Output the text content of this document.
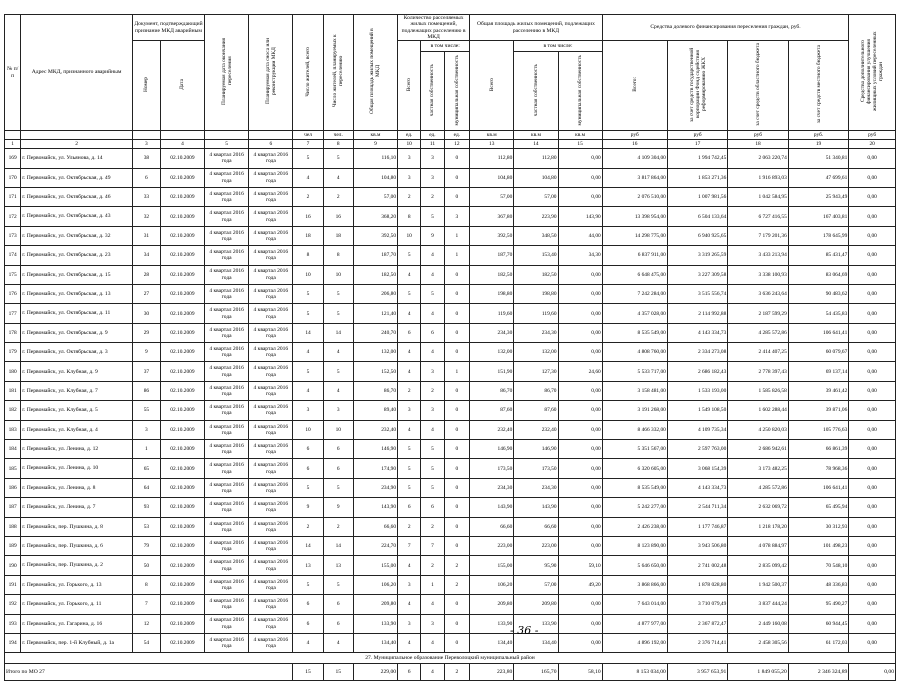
№ п/п	Адрес МКД, признанного аварийным	Документ, подтверждающий признание МКД аварийным		Планируемая дата окончания переселения	Планируемая дата сноса или реконструкции МКД	Число жителей, всего	Число жителей, планируемых к переселению	Общая площадь жилых помещений в МКД	Количество расселяемых жилых помещений, подлежащих расселению в МКД			Общая площадь жилых помещений, подлежащих расселению в МКД			Средства долевого финансирования переселения граждан, руб.				Средства дополнительного финансирования улучшения жилищных условий переселенных граждан
		Номер	Дата						Всего	в том числе:		Всего	в том числе:		Всего:	за счет средств государственной корпорации Фонд содействия реформированию ЖКХ	за счет средств областного бюджета	за счет средств местного бюджета	
										частная собственность	муниципальная собственность		частная собственность	муниципальная собственность					
						чел	чел.	кв.м	ед.	ед.	ед.	кв.м	кв.м	кв.м	руб	руб	руб	руб.	руб
1	2	3	4	5	6	7	8	9	10	11	12	13	14	15	16	17	18	19	20
169	г. Первомайск, ул. Ульянова, д. 14	38	02.10.2009	4 квартал 2016 года	4 квартал 2016 года	5	5	116,10	3	3	0	112,80	112,80	0,00	4 109 304,00	1 994 742,45	2 063 220,74	51 340,81	0,00
170	г. Первомайск, ул. Октябрьская, д. 49	6	02.10.2009	4 квартал 2016 года	4 квартал 2016 года	4	4	104,80	3	3	0	104,80	104,80	0,00	3 817 864,00	1 853 271,36	1 916 893,03	47 699,61	0,00
171	г. Первомайск, ул. Октябрьская, д. 46	33	02.10.2009	4 квартал 2016 года	4 квартал 2016 года	2	2	57,00	2	2	0	57,00	57,00	0,00	2 076 510,00	1 007 981,56	1 042 584,95	25 943,49	0,00
172	г. Первомайск, ул. Октябрьская, д. 43	32	02.10.2009	4 квартал 2016 года	4 квартал 2016 года	16	16	368,20	8	5	3	367,80	223,90	143,90	13 398 954,00	6 504 133,64	6 727 416,55	167 403,81	0,00
173	г. Первомайск, ул. Октябрьская, д. 32	31	02.10.2009	4 квартал 2016 года	4 квартал 2016 года	18	18	392,50	10	9	1	392,50	348,50	44,00	14 298 775,00	6 940 925,65	7 179 201,36	178 645,99	0,00
174	г. Первомайск, ул. Октябрьская, д. 23	34	02.10.2009	4 квартал 2016 года	4 квартал 2016 года	8	8	187,70	5	4	1	187,70	153,40	34,30	6 837 911,00	3 319 265,59	3 433 213,94	85 431,47	0,00
175	г. Первомайск, ул. Октябрьская, д. 15	28	02.10.2009	4 квартал 2016 года	4 квартал 2016 года	10	10	182,50	4	4	0	182,50	182,50	0,00	6 648 475,00	3 227 309,58	3 338 100,93	83 064,69	0,00
176	г. Первомайск, ул. Октябрьская, д. 13	27	02.10.2009	4 квартал 2016 года	4 квартал 2016 года	5	5	206,80	5	5	0	198,80	198,80	0,00	7 242 284,00	3 515 556,74	3 636 243,64	90 483,62	0,00
177	г. Первомайск, ул. Октябрьская, д. 11	30	02.10.2009	4 квартал 2016 года	4 квартал 2016 года	5	5	121,40	4	4	0	119,60	119,60	0,00	4 357 028,00	2 114 992,88	2 187 599,29	54 435,83	0,00
178	г. Первомайск, ул. Октябрьская, д. 9	29	02.10.2009	4 квартал 2016 года	4 квартал 2016 года	14	14	240,70	6	6	0	234,30	234,30	0,00	8 535 549,00	4 143 334,73	4 285 572,86	106 641,41	0,00
179	г. Первомайск, ул. Октябрьская, д. 3	9	02.10.2009	4 квартал 2016 года	4 квартал 2016 года	4	4	132,00	4	4	0	132,00	132,00	0,00	4 808 760,00	2 334 273,08	2 414 407,25	60 079,67	0,00
180	г. Первомайск, ул. Клубная, д. 9	37	02.10.2009	4 квартал 2016 года	4 квартал 2016 года	5	5	152,50	4	3	1	151,90	127,30	24,60	5 533 717,00	2 686 182,43	2 778 397,43	69 137,14	0,00
181	г. Первомайск, ул. Клубная, д. 7	86	02.10.2009	4 квартал 2016 года	4 квартал 2016 года	4	4	86,70	2	2	0	86,70	86,70	0,00	3 158 481,00	1 533 193,00	1 585 826,58	39 461,42	0,00
182	г. Первомайск, ул. Клубная, д. 5	55	02.10.2009	4 квартал 2016 года	4 квартал 2016 года	3	3	89,40	3	3	0	87,60	87,60	0,00	3 191 268,00	1 549 108,50	1 602 288,44	39 871,06	0,00
183	г. Первомайск, ул. Клубная, д. 4	3	02.10.2009	4 квартал 2016 года	4 квартал 2016 года	10	10	232,40	4	4	0	232,40	232,40	0,00	8 466 332,00	4 109 735,34	4 250 820,03	105 776,63	0,00
184	г. Первомайск, ул. Ленина, д. 12	1	02.10.2009	4 квартал 2016 года	4 квартал 2016 года	6	6	146,90	5	5	0	146,90	146,90	0,00	5 351 567,00	2 597 763,00	2 686 942,61	66 861,39	0,00
185	г. Первомайск, ул. Ленина, д. 10	65	02.10.2009	4 квартал 2016 года	4 квартал 2016 года	6	6	174,90	5	5	0	173,50	173,50	0,00	6 320 605,00	3 068 154,39	3 173 482,25	78 968,36	0,00
186	г. Первомайск, ул. Ленина, д. 8	64	02.10.2009	4 квартал 2016 года	4 квартал 2016 года	5	5	234,90	5	5	0	234,30	234,30	0,00	8 535 549,00	4 143 334,73	4 285 572,86	106 641,41	0,00
187	г. Первомайск, ул. Ленина, д. 7	93	02.10.2009	4 квартал 2016 года	4 квартал 2016 года	9	9	143,90	6	6	0	143,90	143,90	0,00	5 242 277,00	2 544 711,34	2 632 069,72	65 495,94	0,00
188	г. Первомайск, пер. Пушкина, д. 8	53	02.10.2009	4 квартал 2016 года	4 квартал 2016 года	2	2	66,60	2	2	0	66,60	66,60	0,00	2 426 238,00	1 177 746,87	1 218 178,20	30 312,93	0,00
189	г. Первомайск, пер. Пушкина, д. 6	79	02.10.2009	4 квартал 2016 года	4 квартал 2016 года	14	14	224,70	7	7	0	223,00	223,00	0,00	8 123 890,00	3 943 506,80	4 078 884,97	101 498,23	0,00
190	г. Первомайск, пер. Пушкина, д. 2	50	02.10.2009	4 квартал 2016 года	4 квартал 2016 года	13	13	155,00	4	2	2	155,00	95,90	59,10	5 646 650,00	2 741 002,48	2 835 099,42	70 548,10	0,00
191	г. Первомайск, ул. Горького, д. 13	8	02.10.2009	4 квартал 2016 года	4 квартал 2016 года	5	5	106,20	3	1	2	106,20	57,00	49,20	3 868 866,00	1 878 028,80	1 942 500,37	48 336,83	0,00
192	г. Первомайск, ул. Горького, д. 11	7	02.10.2009	4 квартал 2016 года	4 квартал 2016 года	6	6	209,80	4	4	0	209,80	209,80	0,00	7 643 014,00	3 710 079,49	3 837 444,24	95 490,27	0,00
193	г. Первомайск, ул. Гагарина, д. 16	12	02.10.2009	4 квартал 2016 года	4 квартал 2016 года	6	6	133,90	3	3	0	133,90	133,90	0,00	4 877 977,00	2 367 872,47	2 449 160,08	60 944,45	0,00
194	г. Первомайск, пер. 1-й Клубный, д. 1а	54	02.10.2009	4 квартал 2016 года	4 квартал 2016 года	4	4	134,40	4	4	0	134,40	134,40	0,00	4 896 192,00	2 376 714,41	2 458 305,56	61 172,03	0,00
27. Муниципальное образование Переволоцкий муниципальный район																			
Итого по МО 27						15	15	229,00	6	4	2	223,80	165,70	58,10	8 153 034,00	3 957 653,91	1 849 055,20	2 346 324,89	0,00
- 36 -
